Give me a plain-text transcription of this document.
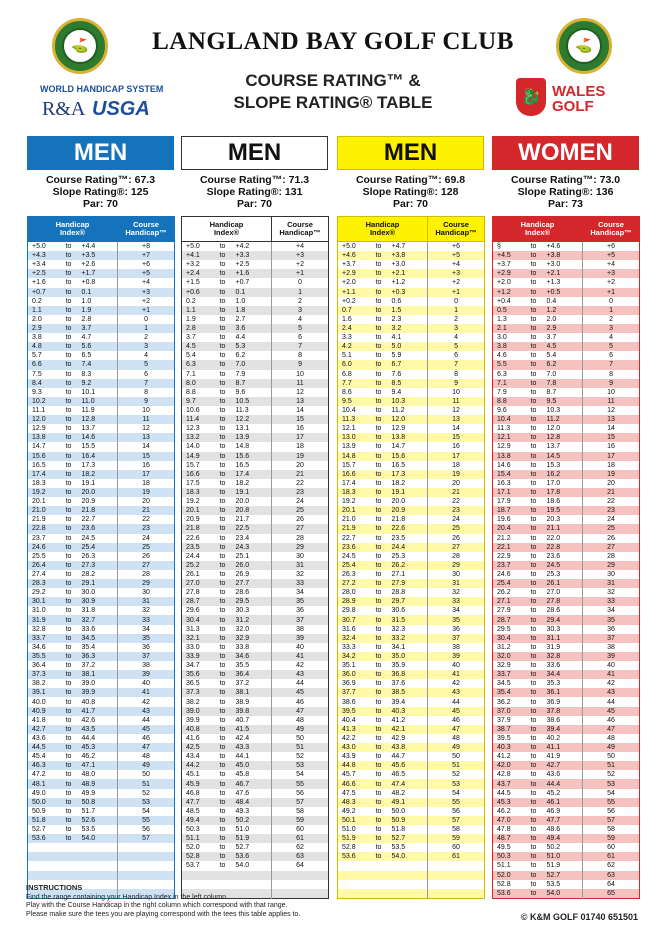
⛳	⛳
LANGLAND BAY GOLF CLUB
COURSE RATING™ &
SLOPE RATING® TABLE
WORLD HANDICAP SYSTEM
R&A USGA
🐉 WALES
GOLF
MEN
Course Rating™: 67.3
Slope Rating®: 125
Par: 70
Handicap Index®			Course Handicap™
+5.0	to	+4.4	+8
+4.3	to	+3.5	+7
+3.4	to	+2.6	+6
+2.5	to	+1.7	+5
+1.6	to	+0.8	+4
+0.7	to	0.1	+3
0.2	to	1.0	+2
1.1	to	1.9	+1
2.0	to	2.8	0
2.9	to	3.7	1
3.8	to	4.7	2
4.8	to	5.6	3
5.7	to	6.5	4
6.6	to	7.4	5
7.5	to	8.3	6
8.4	to	9.2	7
9.3	to	10.1	8
10.2	to	11.0	9
11.1	to	11.9	10
12.0	to	12.8	11
12.9	to	13.7	12
13.8	to	14.6	13
14.7	to	15.5	14
15.6	to	16.4	15
16.5	to	17.3	16
17.4	to	18.2	17
18.3	to	19.1	18
19.2	to	20.0	19
20.1	to	20.9	20
21.0	to	21.8	21
21.9	to	22.7	22
22.8	to	23.6	23
23.7	to	24.5	24
24.6	to	25.4	25
25.5	to	26.3	26
26.4	to	27.3	27
27.4	to	28.2	28
28.3	to	29.1	29
29.2	to	30.0	30
30.1	to	30.9	31
31.0	to	31.8	32
31.9	to	32.7	33
32.8	to	33.6	34
33.7	to	34.5	35
34.6	to	35.4	36
35.5	to	36.3	37
36.4	to	37.2	38
37.3	to	38.1	39
38.2	to	39.0	40
39.1	to	39.9	41
40.0	to	40.8	42
40.9	to	41.7	43
41.8	to	42.6	44
42.7	to	43.5	45
43.6	to	44.4	46
44.5	to	45.3	47
45.4	to	46.2	48
46.3	to	47.1	49
47.2	to	48.0	50
48.1	to	48.9	51
49.0	to	49.9	52
50.0	to	50.8	53
50.9	to	51.7	54
51.8	to	52.6	55
52.7	to	53.5	56
53.6	to	54.0	57

MEN
Course Rating™: 71.3
Slope Rating®: 131
Par: 70
Handicap Index®			Course Handicap™
+5.0	to	+4.2	+4
+4.1	to	+3.3	+3
+3.2	to	+2.5	+2
+2.4	to	+1.6	+1
+1.5	to	+0.7	0
+0.6	to	0.1	1
0.2	to	1.0	2
1.1	to	1.8	3
1.9	to	2.7	4
2.8	to	3.6	5
3.7	to	4.4	6
4.5	to	5.3	7
5.4	to	6.2	8
6.3	to	7.0	9
7.1	to	7.9	10
8.0	to	8.7	11
8.8	to	9.6	12
9.7	to	10.5	13
10.6	to	11.3	14
11.4	to	12.2	15
12.3	to	13.1	16
13.2	to	13.9	17
14.0	to	14.8	18
14.9	to	15.6	19
15.7	to	16.5	20
16.6	to	17.4	21
17.5	to	18.2	22
18.3	to	19.1	23
19.2	to	20.0	24
20.1	to	20.8	25
20.9	to	21.7	26
21.8	to	22.5	27
22.6	to	23.4	28
23.5	to	24.3	29
24.4	to	25.1	30
25.2	to	26.0	31
26.1	to	26.9	32
27.0	to	27.7	33
27.8	to	28.6	34
28.7	to	29.5	35
29.6	to	30.3	36
30.4	to	31.2	37
31.3	to	32.0	38
32.1	to	32.9	39
33.0	to	33.8	40
33.9	to	34.6	41
34.7	to	35.5	42
35.6	to	36.4	43
36.5	to	37.2	44
37.3	to	38.1	45
38.2	to	38.9	46
39.0	to	39.8	47
39.9	to	40.7	48
40.8	to	41.5	49
41.6	to	42.4	50
42.5	to	43.3	51
43.4	to	44.1	52
44.2	to	45.0	53
45.1	to	45.8	54
45.9	to	46.7	55
46.8	to	47.6	56
47.7	to	48.4	57
48.5	to	49.3	58
49.4	to	50.2	59
50.3	to	51.0	60
51.1	to	51.9	61
52.0	to	52.7	62
52.8	to	53.6	63
53.7	to	54.0	64

MEN
Course Rating™: 69.8
Slope Rating®: 128
Par: 70
Handicap Index®			Course Handicap™
+5.0	to	+4.7	+6
+4.6	to	+3.8	+5
+3.7	to	+3.0	+4
+2.9	to	+2.1	+3
+2.0	to	+1.2	+2
+1.1	to	+0.3	+1
+0.2	to	0.6	0
0.7	to	1.5	1
1.6	to	2.3	2
2.4	to	3.2	3
3.3	to	4.1	4
4.2	to	5.0	5
5.1	to	5.9	6
6.0	to	6.7	7
6.8	to	7.6	8
7.7	to	8.5	9
8.6	to	9.4	10
9.5	to	10.3	11
10.4	to	11.2	12
11.3	to	12.0	13
12.1	to	12.9	14
13.0	to	13.8	15
13.9	to	14.7	16
14.8	to	15.6	17
15.7	to	16.5	18
16.6	to	17.3	19
17.4	to	18.2	20
18.3	to	19.1	21
19.2	to	20.0	22
20.1	to	20.9	23
21.0	to	21.8	24
21.9	to	22.6	25
22.7	to	23.5	26
23.6	to	24.4	27
24.5	to	25.3	28
25.4	to	26.2	29
26.3	to	27.1	30
27.2	to	27.9	31
28.0	to	28.8	32
28.9	to	29.7	33
29.8	to	30.6	34
30.7	to	31.5	35
31.6	to	32.3	36
32.4	to	33.2	37
33.3	to	34.1	38
34.2	to	35.0	39
35.1	to	35.9	40
36.0	to	36.8	41
36.9	to	37.6	42
37.7	to	38.5	43
38.6	to	39.4	44
39.5	to	40.3	45
40.4	to	41.2	46
41.3	to	42.1	47
42.2	to	42.9	48
43.0	to	43.8	49
43.9	to	44.7	50
44.8	to	45.6	51
45.7	to	46.5	52
46.6	to	47.4	53
47.5	to	48.2	54
48.3	to	49.1	55
49.2	to	50.0	56
50.1	to	50.9	57
51.0	to	51.8	58
51.9	to	52.7	59
52.8	to	53.5	60
53.6	to	54.0	61

WOMEN
Course Rating™: 73.0
Slope Rating®: 136
Par: 73
Handicap Index®			Course Handicap™
§	to	+4.6	+6
+4.5	to	+3.8	+5
+3.7	to	+3.0	+4
+2.9	to	+2.1	+3
+2.0	to	+1.3	+2
+1.2	to	+0.5	+1
+0.4	to	0.4	0
0.5	to	1.2	1
1.3	to	2.0	2
2.1	to	2.9	3
3.0	to	3.7	4
3.8	to	4.5	5
4.6	to	5.4	6
5.5	to	6.2	7
6.3	to	7.0	8
7.1	to	7.8	9
7.9	to	8.7	10
8.8	to	9.5	11
9.6	to	10.3	12
10.4	to	11.2	13
11.3	to	12.0	14
12.1	to	12.8	15
12.9	to	13.7	16
13.8	to	14.5	17
14.6	to	15.3	18
15.4	to	16.2	19
16.3	to	17.0	20
17.1	to	17.8	21
17.9	to	18.6	22
18.7	to	19.5	23
19.6	to	20.3	24
20.4	to	21.1	25
21.2	to	22.0	26
22.1	to	22.8	27
22.9	to	23.6	28
23.7	to	24.5	29
24.6	to	25.3	30
25.4	to	26.1	31
26.2	to	27.0	32
27.1	to	27.8	33
27.9	to	28.6	34
28.7	to	29.4	35
29.5	to	30.3	36
30.4	to	31.1	37
31.2	to	31.9	38
32.0	to	32.8	39
32.9	to	33.6	40
33.7	to	34.4	41
34.5	to	35.3	42
35.4	to	36.1	43
36.2	to	36.9	44
37.0	to	37.8	45
37.9	to	38.6	46
38.7	to	39.4	47
39.5	to	40.2	48
40.3	to	41.1	49
41.2	to	41.9	50
42.0	to	42.7	51
42.8	to	43.6	52
43.7	to	44.4	53
44.5	to	45.2	54
45.3	to	46.1	55
46.2	to	46.9	56
47.0	to	47.7	57
47.8	to	48.6	58
48.7	to	49.4	59
49.5	to	50.2	60
50.3	to	51.0	61
51.1	to	51.9	62
52.0	to	52.7	63
52.8	to	53.5	64
53.6	to	54.0	65
INSTRUCTIONS
Find the range containing your Handicap Index in the left column.
Play with the Course Handicap in the right column which correspond with that range.
Please make sure the tees you are playing correspond with the tees this table applies to.	© K&M GOLF 01740 651501
